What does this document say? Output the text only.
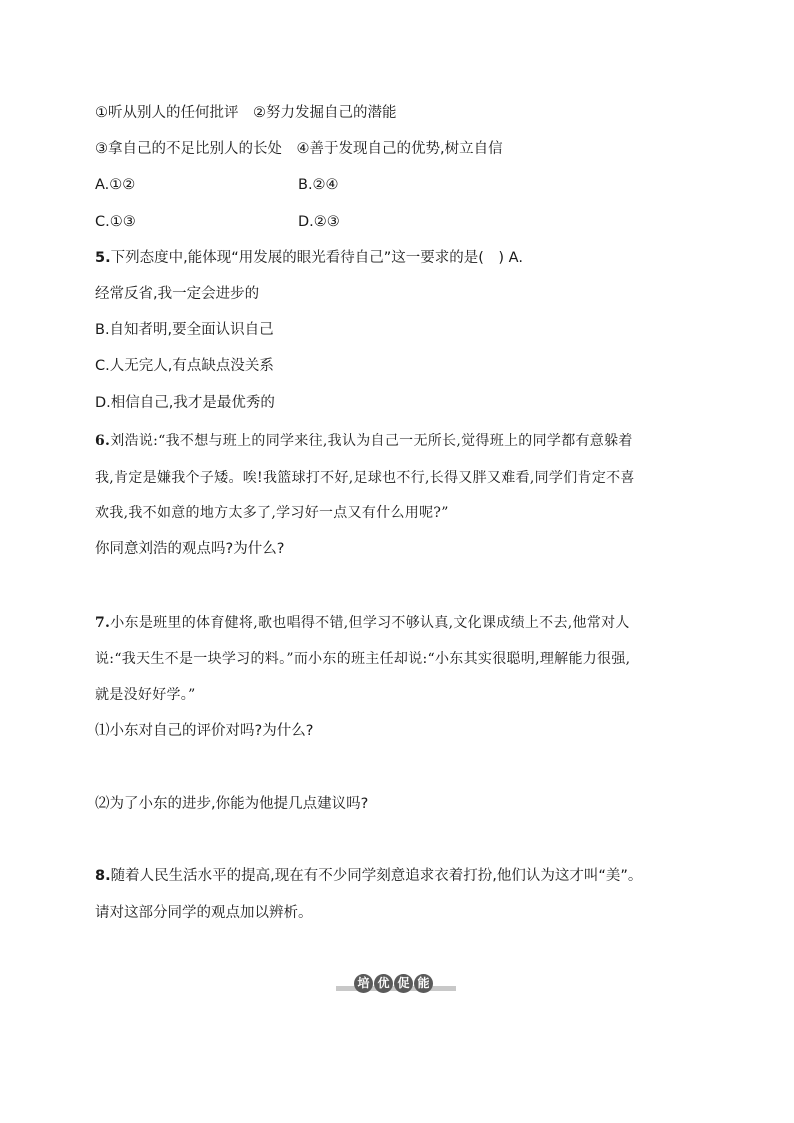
①听从别人的任何批评　②努力发掘自己的潜能
③拿自己的不足比别人的长处　④善于发现自己的优势,树立自信
A.①②	B.②④
C.①③	D.②③
5.下列态度中,能体现“用发展的眼光看待自己”这一要求的是(　) A.
经常反省,我一定会进步的
B.自知者明,要全面认识自己
C.人无完人,有点缺点没关系
D.相信自己,我才是最优秀的
6.刘浩说:“我不想与班上的同学来往,我认为自己一无所长,觉得班上的同学都有意躲着
我,肯定是嫌我个子矮。唉!我篮球打不好,足球也不行,长得又胖又难看,同学们肯定不喜
欢我,我不如意的地方太多了,学习好一点又有什么用呢?”
你同意刘浩的观点吗?为什么?
7.小东是班里的体育健将,歌也唱得不错,但学习不够认真,文化课成绩上不去,他常对人
说:“我天生不是一块学习的料。”而小东的班主任却说:“小东其实很聪明,理解能力很强,
就是没好好学。”
⑴小东对自己的评价对吗?为什么?
⑵为了小东的进步,你能为他提几点建议吗?
8.随着人民生活水平的提高,现在有不少同学刻意追求衣着打扮,他们认为这才叫“美”。
请对这部分同学的观点加以辨析。
培 优 促 能
